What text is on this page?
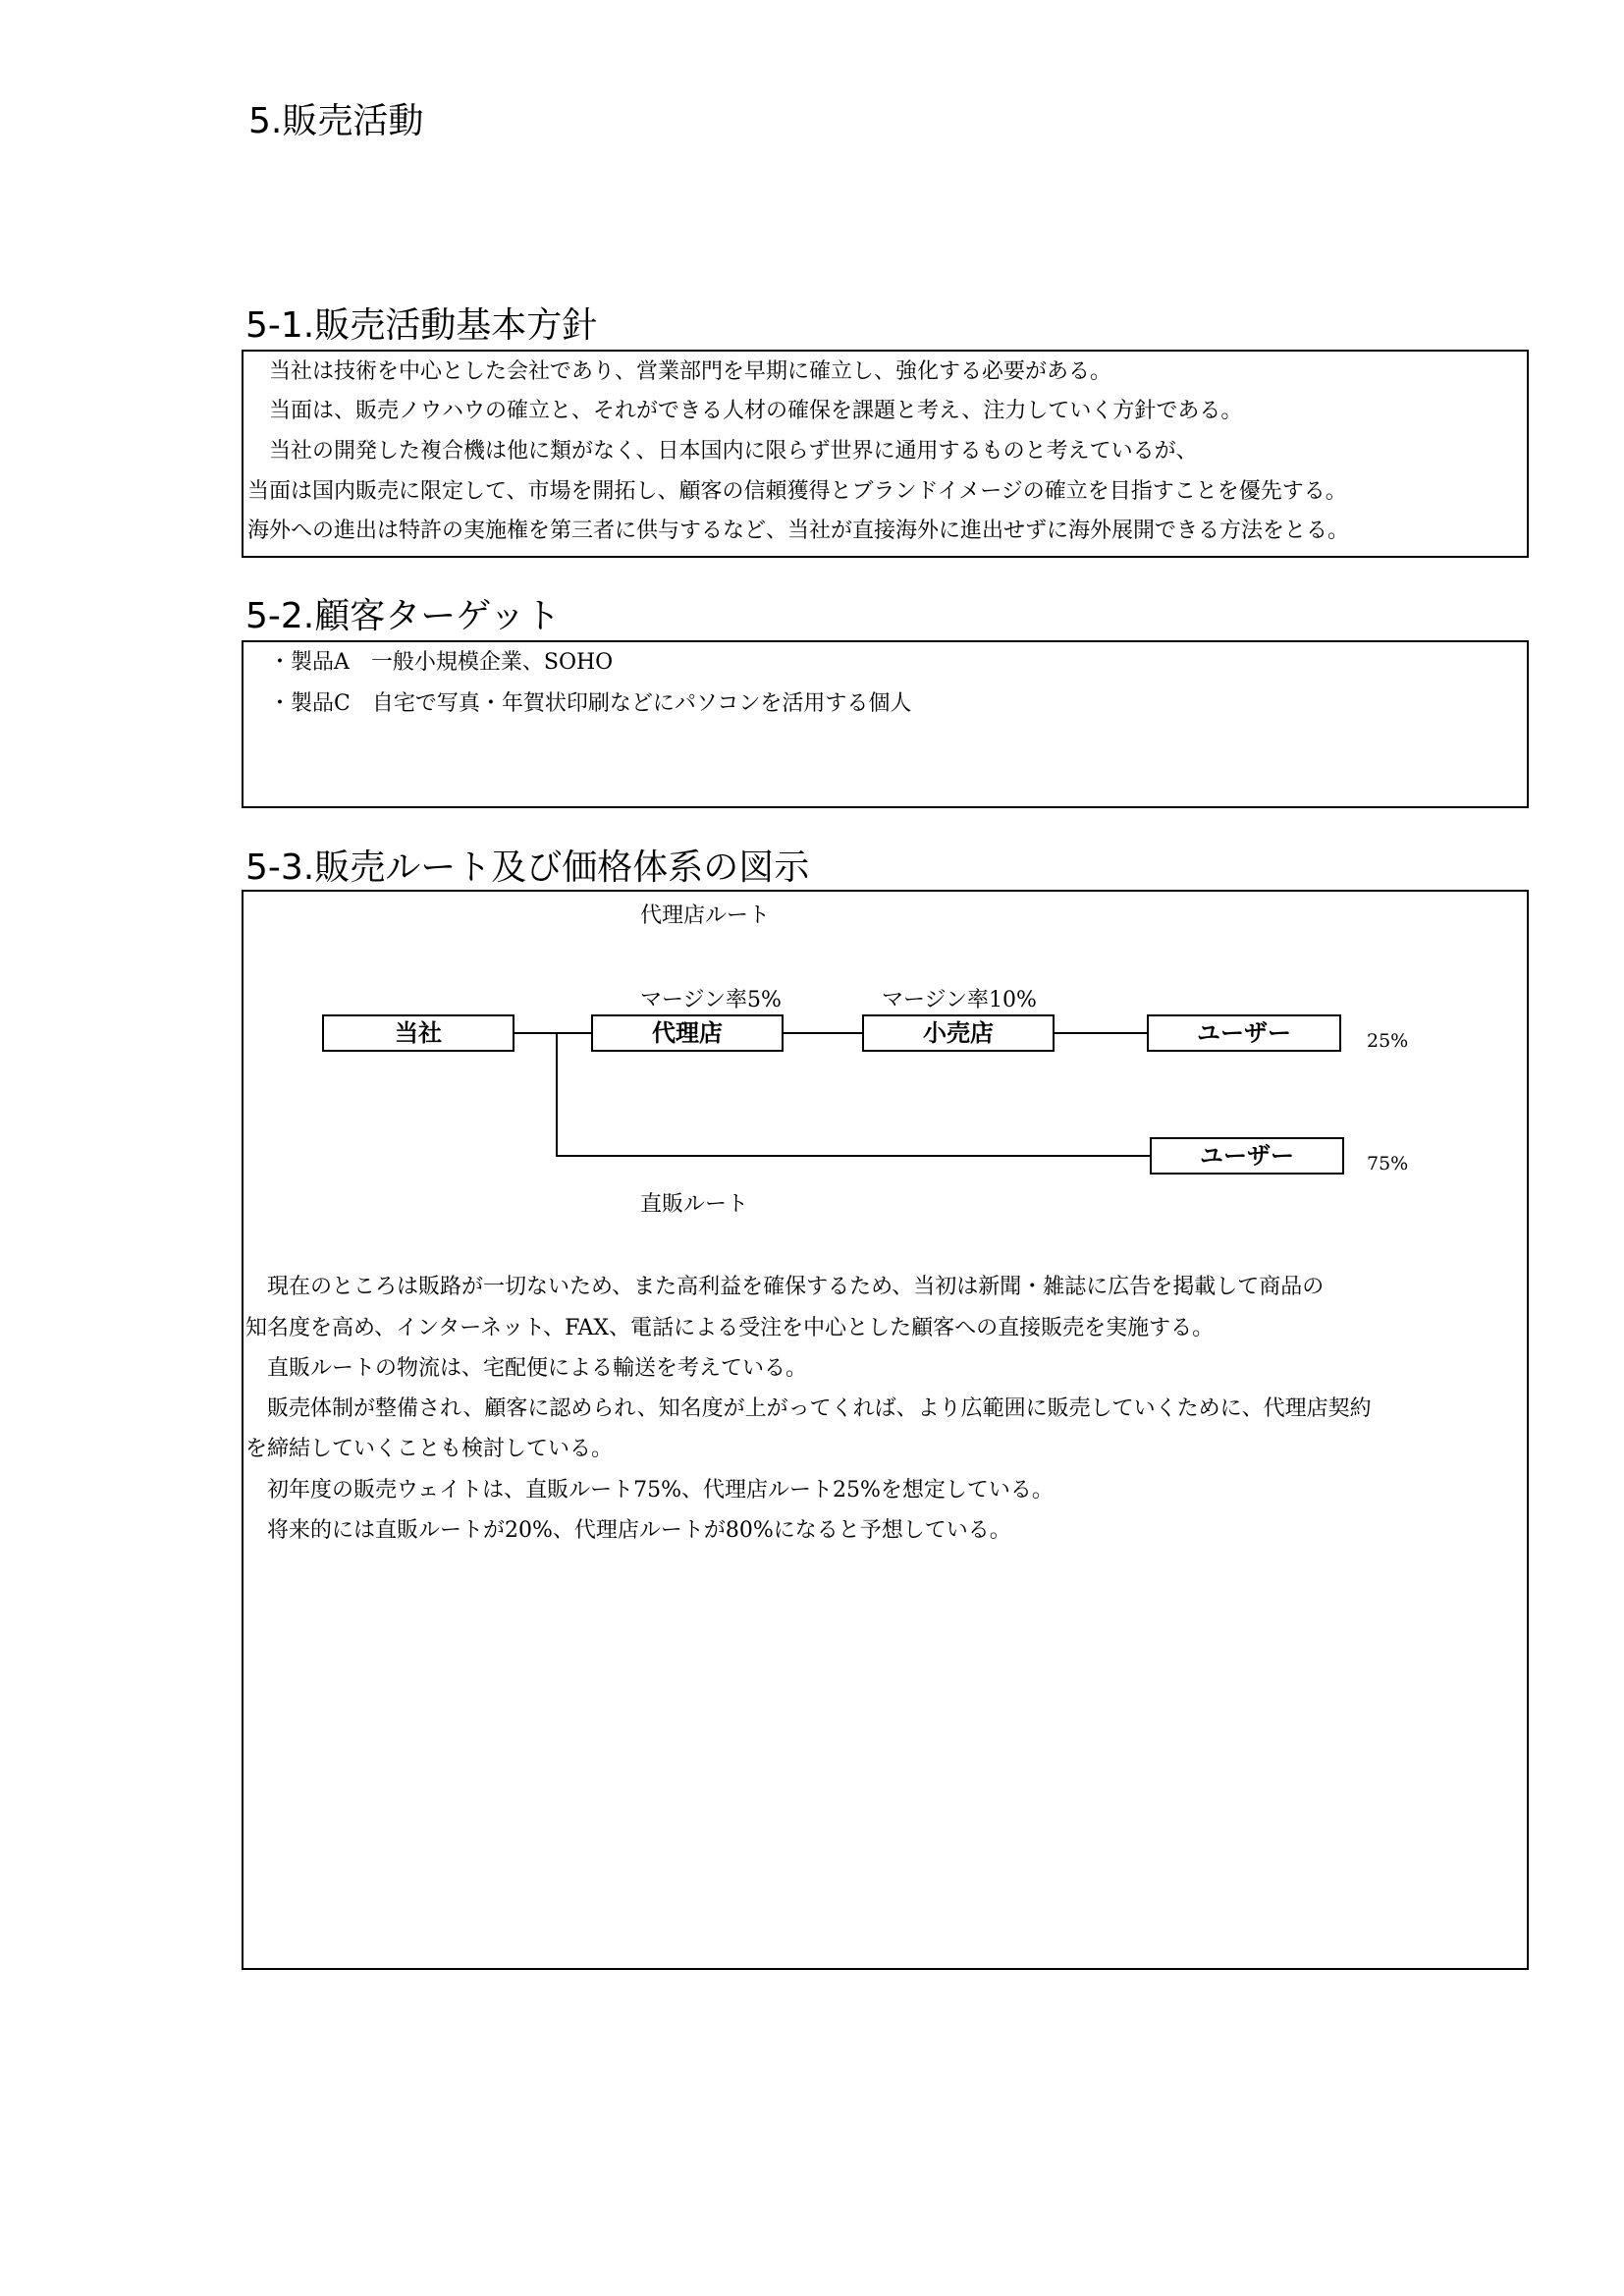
5.販売活動
5-1.販売活動基本方針
　当社は技術を中心とした会社であり、営業部門を早期に確立し、強化する必要がある。
　当面は、販売ノウハウの確立と、それができる人材の確保を課題と考え、注力していく方針である。
　当社の開発した複合機は他に類がなく、日本国内に限らず世界に通用するものと考えているが、
当面は国内販売に限定して、市場を開拓し、顧客の信頼獲得とブランドイメージの確立を目指すことを優先する。
海外への進出は特許の実施権を第三者に供与するなど、当社が直接海外に進出せずに海外展開できる方法をとる。
5-2.顧客ターゲット
　・製品A　一般小規模企業、SOHO
　・製品C　自宅で写真・年賀状印刷などにパソコンを活用する個人
5-3.販売ルート及び価格体系の図示
代理店ルート
マージン率5%	マージン率10%
当社	代理店	小売店	ユーザー
ユーザー
25%
75%
直販ルート
　現在のところは販路が一切ないため、また高利益を確保するため、当初は新聞・雑誌に広告を掲載して商品の
知名度を高め、インターネット、FAX、電話による受注を中心とした顧客への直接販売を実施する。
　直販ルートの物流は、宅配便による輸送を考えている。
　販売体制が整備され、顧客に認められ、知名度が上がってくれば、より広範囲に販売していくために、代理店契約
を締結していくことも検討している。
　初年度の販売ウェイトは、直販ルート75%、代理店ルート25%を想定している。
　将来的には直販ルートが20%、代理店ルートが80%になると予想している。
